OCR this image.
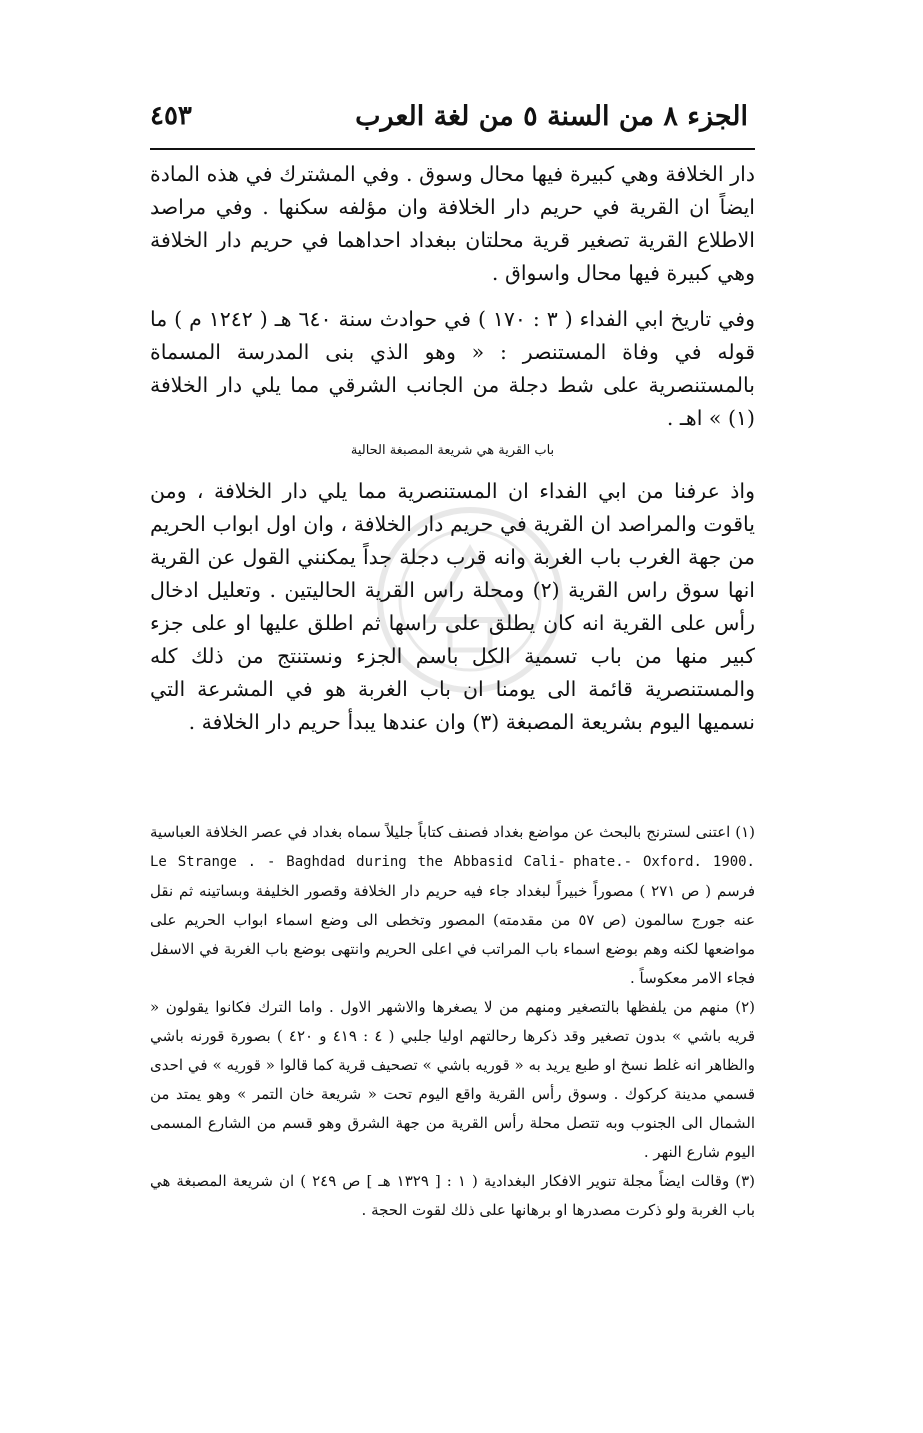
الجزء ٨ من السنة ٥ من لغة العرب
٤٥٣

دار الخلافة وهي كبيرة فيها محال وسوق . وفي المشترك في هذه المادة ايضاً ان القرية في حريم دار الخلافة وان مؤلفه سكنها . وفي مراصد الاطلاع القرية تصغير قرية محلتان ببغداد احداهما في حريم دار الخلافة وهي كبيرة فيها محال واسواق .

وفي تاريخ ابي الفداء ( ٣ : ١٧٠ ) في حوادث سنة ٦٤٠ هـ ( ١٢٤٢ م ) ما قوله في وفاة المستنصر : « وهو الذي بنى المدرسة المسماة بالمستنصرية على شط دجلة من الجانب الشرقي مما يلي دار الخلافة (١) » اهـ .

باب القرية هي شريعة المصبغة الحالية

واذ عرفنا من ابي الفداء ان المستنصرية مما يلي دار الخلافة ، ومن ياقوت والمراصد ان القرية في حريم دار الخلافة ، وان اول ابواب الحريم من جهة الغرب باب الغربة وانه قرب دجلة جداً يمكنني القول عن القرية انها سوق راس القرية (٢) ومحلة راس القرية الحاليتين . وتعليل ادخال رأس على القرية انه كان يطلق على راسها ثم اطلق عليها او على جزء كبير منها من باب تسمية الكل باسم الجزء ونستنتج من ذلك كله والمستنصرية قائمة الى يومنا ان باب الغربة هو في المشرعة التي نسميها اليوم بشريعة المصبغة (٣) وان عندها يبدأ حريم دار الخلافة .

(١) اعتنى لسترنج بالبحث عن مواضع بغداد فصنف كتاباً جليلاً سماه بغداد في عصر الخلافة العباسية Le Strange . - Baghdad during the Abbasid Cali- phate.- Oxford. 1900. فرسم ( ص ٢٧١ ) مصوراً خبيراً لبغداد جاء فيه حريم دار الخلافة وقصور الخليفة وبساتينه ثم نقل عنه جورج سالمون (ص ٥٧ من مقدمته) المصور وتخطى الى وضع اسماء ابواب الحريم على مواضعها لكنه وهم بوضع اسماء باب المراتب في اعلى الحريم وانتهى بوضع باب الغربة في الاسفل فجاء الامر معكوساً .

(٢) منهم من يلفظها بالتصغير ومنهم من لا يصغرها والاشهر الاول . واما الترك فكانوا يقولون « قريه باشي » بدون تصغير وقد ذكرها رحالتهم اوليا جلبي ( ٤ : ٤١٩ و ٤٢٠ ) بصورة قورنه باشي والظاهر انه غلط نسخ او طبع يريد به « قوريه باشي » تصحيف قرية كما قالوا « قوريه » في احدى قسمي مدينة كركوك . وسوق رأس القرية واقع اليوم تحت « شريعة خان التمر » وهو يمتد من الشمال الى الجنوب وبه تتصل محلة رأس القرية من جهة الشرق وهو قسم من الشارع المسمى اليوم شارع النهر .

(٣) وقالت ايضاً مجلة تنوير الافكار البغدادية ( ١ : [ ١٣٢٩ هـ ] ص ٢٤٩ ) ان شريعة المصبغة هي باب الغربة ولو ذكرت مصدرها او برهانها على ذلك لقوت الحجة .
